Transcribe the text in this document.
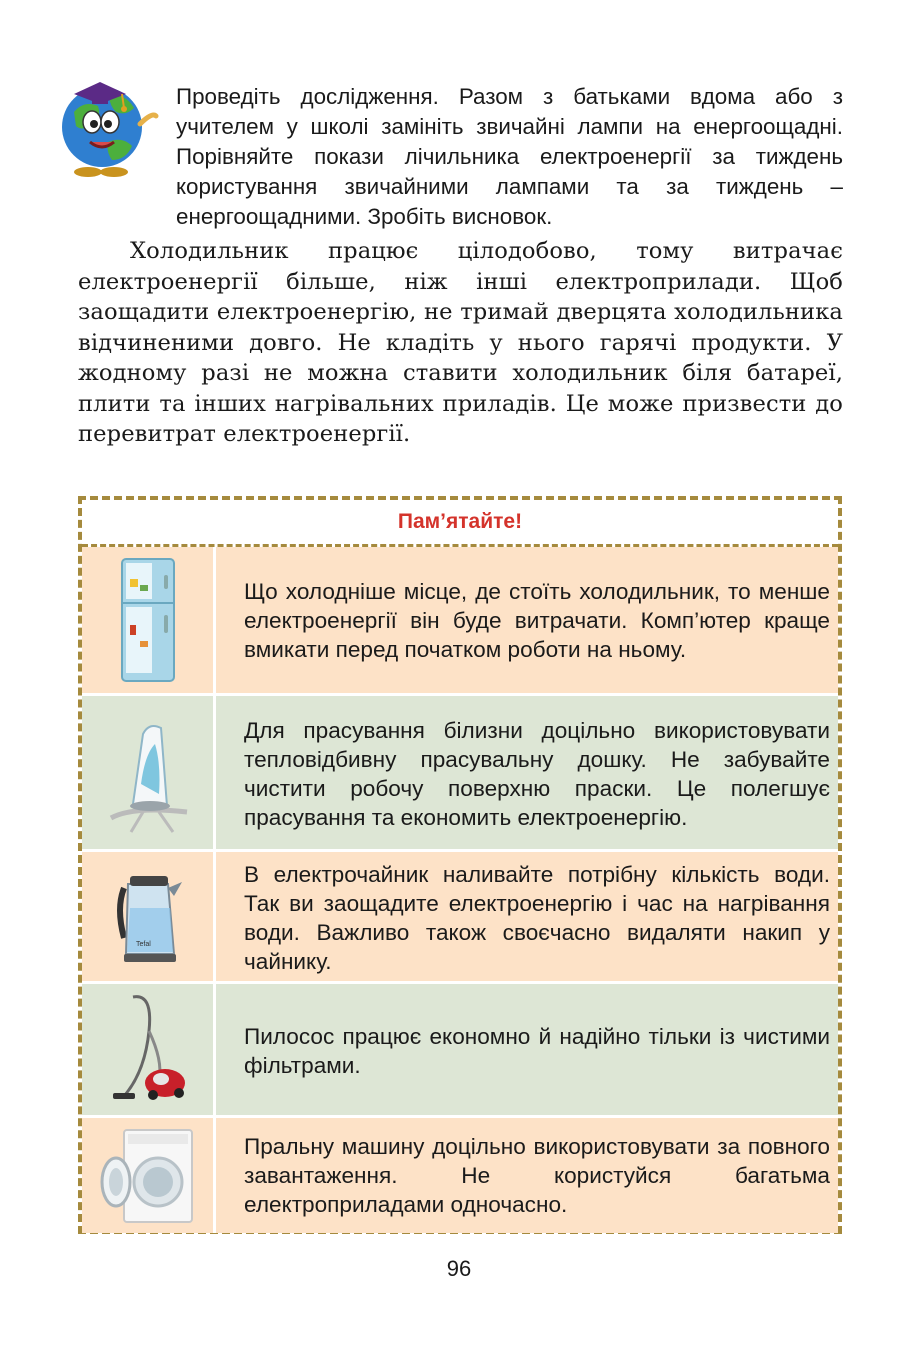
Проведіть дослідження. Разом з батьками вдома або з учителем у школі замініть звичайні лампи на енергоощадні. Порівняйте покази лічильника електроенергії за тиждень користування звичайними лампами та за тиждень – енергоощадними. Зробіть висновок.

Холодильник працює цілодобово, тому витрачає електроенергії більше, ніж інші електроприлади. Щоб заощадити електроенергію, не тримай дверцята холодильника відчиненими довго. Не кладіть у нього гарячі продукти. У жодному разі не можна ставити холодильник біля батареї, плити та інших нагрівальних приладів. Це може призвести до перевитрат електроенергії.

Пам’ятайте!
Що холодніше місце, де стоїть холодильник, то менше електроенергії він буде витрачати. Комп’ютер краще вмикати перед початком роботи на ньому.
Для прасування білизни доцільно використовувати тепловідбивну прасувальну дошку. Не забувайте чистити робочу поверхню праски. Це полегшує прасування та економить електроенергію.
Tefal
В електрочайник наливайте потрібну кількість води. Так ви заощадите електроенергію і час на нагрівання води. Важливо також своєчасно видаляти накип у чайнику.
Пилосос працює економно й надійно тільки із чистими фільтрами.
Пральну машину доцільно використовувати за повного завантаження. Не користуйся багатьма електроприладами одночасно.
96
